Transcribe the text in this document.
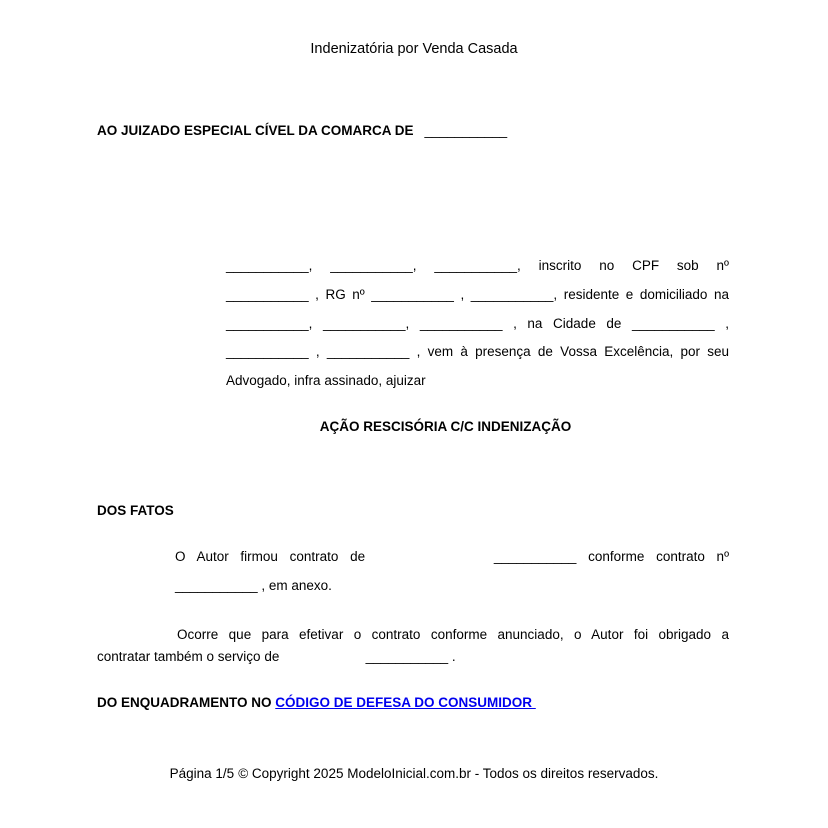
Indenizatória por Venda Casada
AO JUIZADO ESPECIAL CÍVEL DA COMARCA DE ___________
___________, ___________, ___________, inscrito no CPF sob nº
___________ , RG nº ___________ , ___________, residente e domiciliado na
___________, ___________, ___________ , na Cidade de ___________ ,
___________ , ___________ , vem à presença de Vossa Excelência, por seu
Advogado, infra assinado, ajuizar
AÇÃO RESCISÓRIA C/C INDENIZAÇÃO
DOS FATOS
O Autor firmou contrato de           ___________ conforme contrato nº
___________ , em anexo.
Ocorre que para efetivar o contrato conforme anunciado, o Autor foi obrigado a
contratar também o serviço de                       ___________ .
DO ENQUADRAMENTO NO CÓDIGO DE DEFESA DO CONSUMIDOR
Página 1/5 © Copyright 2025 ModeloInicial.com.br - Todos os direitos reservados.
